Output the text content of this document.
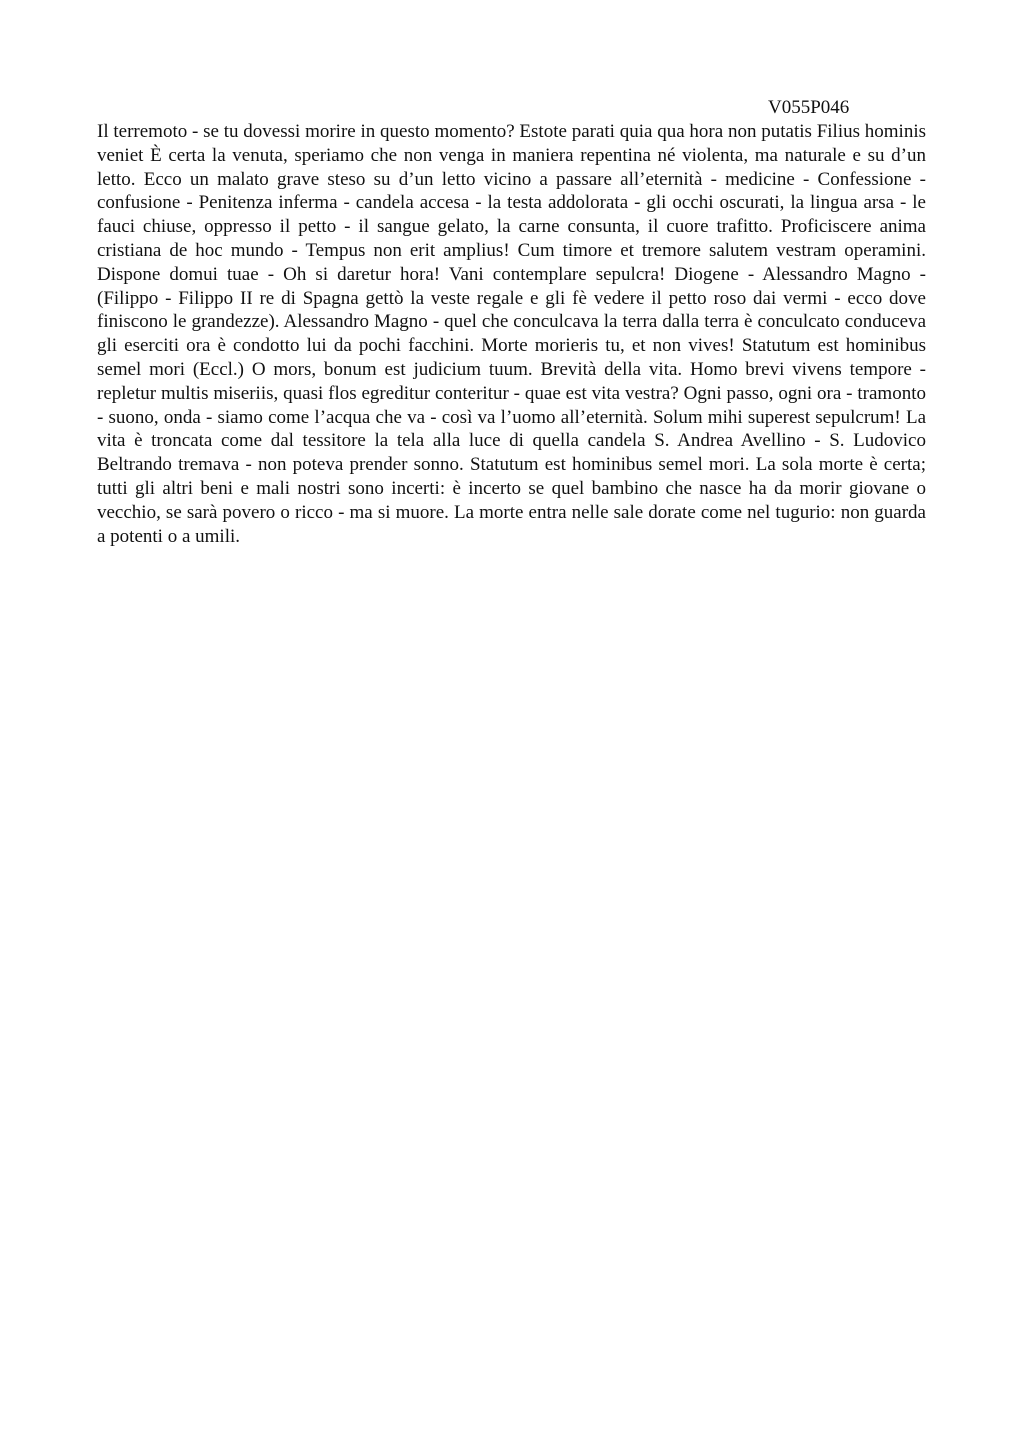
V055P046

Il terremoto - se tu dovessi morire in questo momento? Estote parati quia qua hora non putatis Filius hominis veniet È certa la venuta, speriamo che non venga in maniera repentina né violenta, ma naturale e su d’un letto. Ecco un malato grave steso su d’un letto vicino a passare all’eternità - medicine - Confessione - confusione - Penitenza inferma - candela accesa - la testa addolorata - gli occhi oscurati, la lingua arsa - le fauci chiuse, oppresso il petto - il sangue gelato, la carne consunta, il cuore trafitto. Proficiscere anima cristiana de hoc mundo - Tempus non erit amplius! Cum timore et tremore salutem vestram operamini. Dispone domui tuae - Oh si daretur hora! Vani contemplare sepulcra! Diogene - Alessandro Magno - (Filippo - Filippo II re di Spagna gettò la veste regale e gli fè vedere il petto roso dai vermi - ecco dove finiscono le grandezze). Alessandro Magno - quel che conculcava la terra dalla terra è conculcato conduceva gli eserciti ora è condotto lui da pochi facchini. Morte morieris tu, et non vives! Statutum est hominibus semel mori (Eccl.) O mors, bonum est judicium tuum. Brevità della vita. Homo brevi vivens tempore - repletur multis miseriis, quasi flos egreditur conteritur - quae est vita vestra? Ogni passo, ogni ora - tramonto - suono, onda - siamo come l’acqua che va - così va l’uomo all’eternità. Solum mihi superest sepulcrum! La vita è troncata come dal tessitore la tela alla luce di quella candela S. Andrea Avellino - S. Ludovico Beltrando tremava - non poteva prender sonno. Statutum est hominibus semel mori. La sola morte è certa; tutti gli altri beni e mali nostri sono incerti: è incerto se quel bambino che nasce ha da morir giovane o vecchio, se sarà povero o ricco - ma si muore. La morte entra nelle sale dorate come nel tugurio: non guarda a potenti o a umili.
